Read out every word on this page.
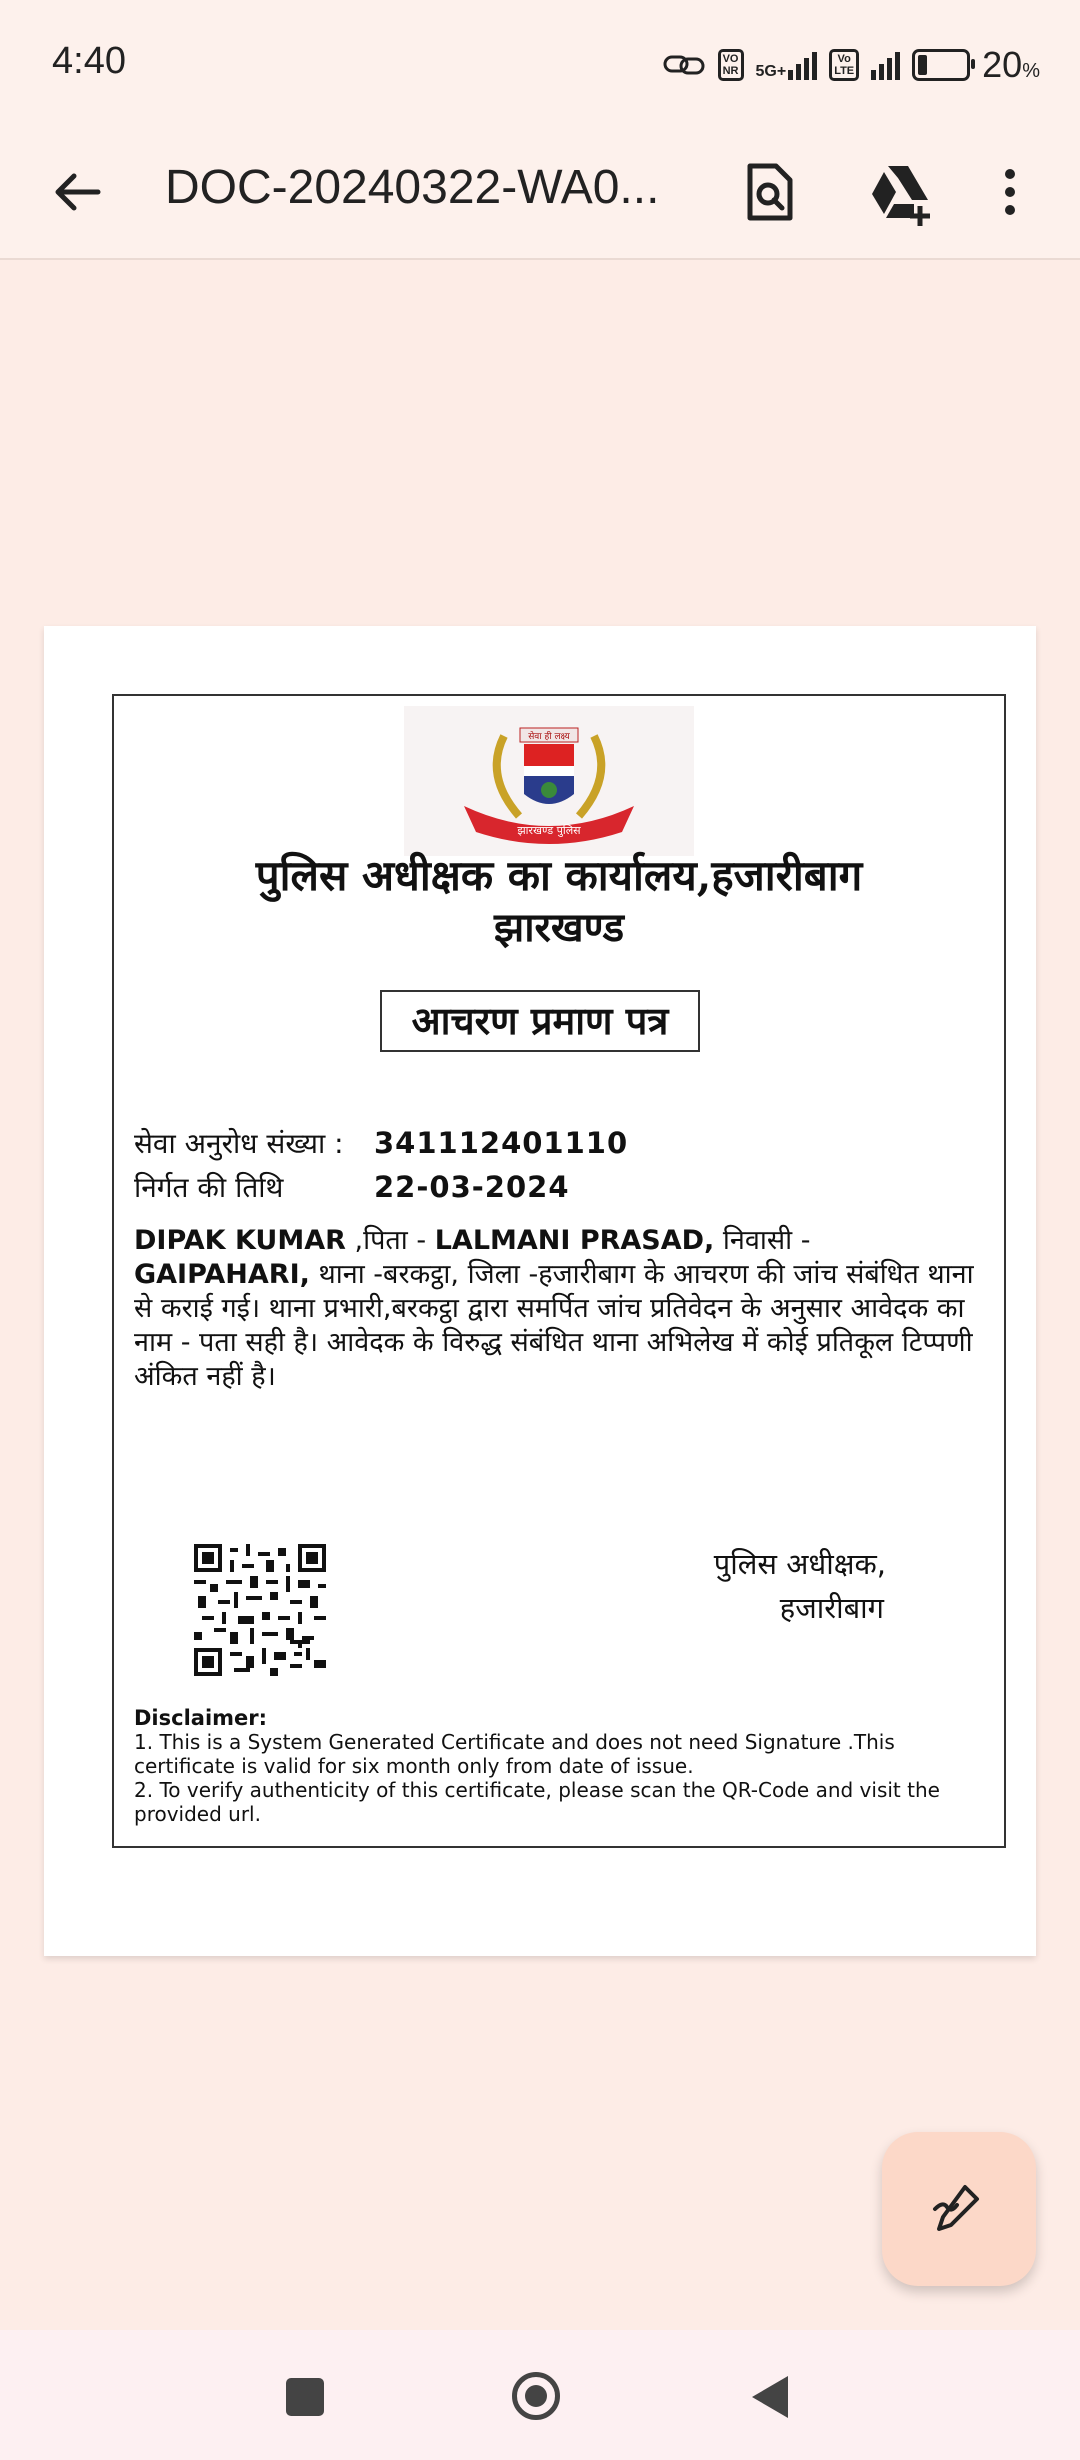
4:40	VO
NR 5G+
Vo
LTE	20%
DOC-20240322-WA0...
सेवा ही लक्ष्य
झारखण्ड पुलिस
पुलिस अधीक्षक का कार्यालय,हजारीबाग
झारखण्ड
आचरण प्रमाण पत्र
सेवा अनुरोध संख्या : 341112401110
निर्गत की तिथि	22-03-2024
DIPAK KUMAR ,पिता - LALMANI PRASAD, निवासी - GAIPAHARI, थाना -बरकट्ठा, जिला -हजारीबाग के आचरण की जांच संबंधित थाना से कराई गई। थाना प्रभारी,बरकट्ठा द्वारा समर्पित जांच प्रतिवेदन के अनुसार आवेदक का नाम - पता सही है। आवेदक के विरुद्ध संबंधित थाना अभिलेख में कोई प्रतिकूल टिप्पणी अंकित नहीं है।
पुलिस अधीक्षक,
हजारीबाग
Disclaimer:
1. This is a System Generated Certificate and does not need Signature .This certificate is valid for six month only from date of issue.
2. To verify authenticity of this certificate, please scan the QR-Code and visit the provided url.
